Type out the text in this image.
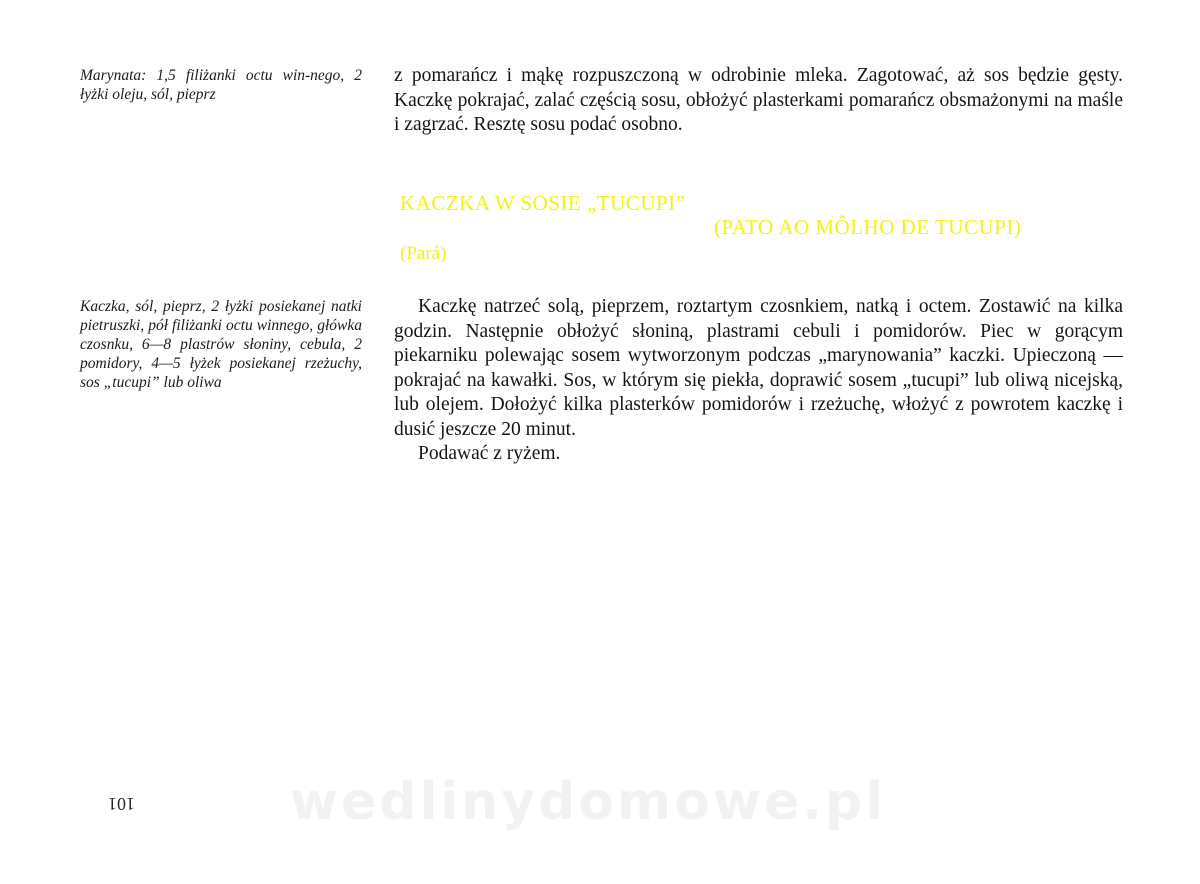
Marynata: 1,5 filiżanki octu win-nego, 2 łyżki oleju, sól, pieprz

z pomarańcz i mąkę rozpuszczoną w odrobinie mleka. Zagotować, aż sos będzie gęsty. Kaczkę pokrajać, zalać częścią sosu, obłożyć plasterkami pomarańcz obsmażonymi na maśle i zagrzać. Resztę sosu podać osobno.

KACZKA W SOSIE „TUCUPI”
(PATO AO MÔLHO DE TUCUPI)
(Pará)
Kaczka, sól, pieprz, 2 łyżki posiekanej natki pietruszki, pół filiżanki octu winnego, główka czosnku, 6—8 plastrów słoniny, cebula, 2 pomidory, 4—5 łyżek posiekanej rzeżuchy, sos „tucupi” lub oliwa

Kaczkę natrzeć solą, pieprzem, roztartym czosnkiem, natką i octem. Zostawić na kilka godzin. Następnie obłożyć słoniną, plastrami cebuli i pomidorów. Piec w gorącym piekarniku polewając sosem wytworzonym podczas „marynowania” kaczki. Upieczoną — pokrajać na kawałki. Sos, w którym się piekła, doprawić sosem „tucupi” lub oliwą nicejską, lub olejem. Dołożyć kilka plasterków pomidorów i rzeżuchę, włożyć z powrotem kaczkę i dusić jeszcze 20 minut.

Podawać z ryżem.

101	wedlinydomowe.pl
